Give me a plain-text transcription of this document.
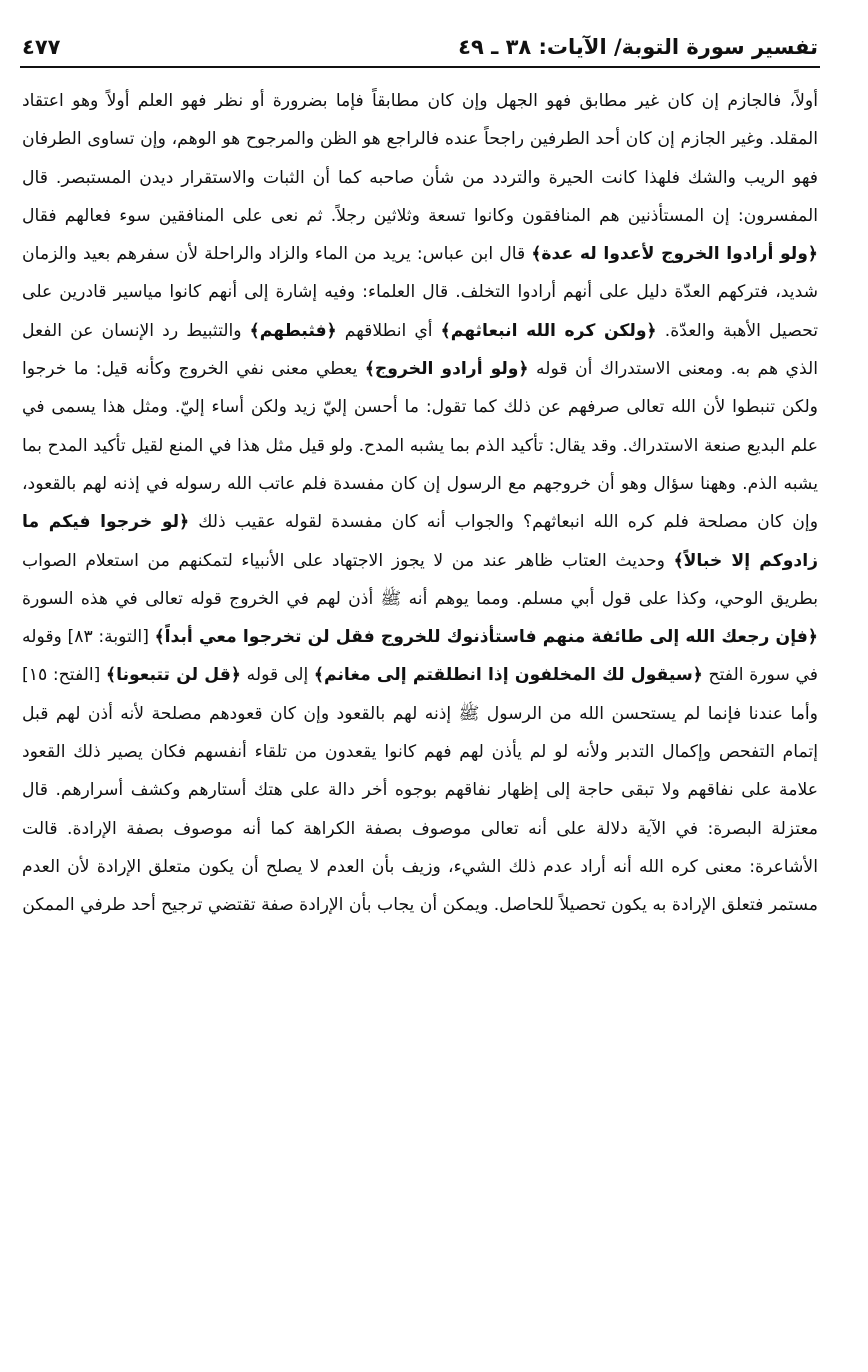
تفسير سورة التوبة/ الآيات: ٣٨ ـ ٤٩
٤٧٧
أولاً، فالجازم إن كان غير مطابق فهو الجهل وإن كان مطابقاً فإما بضرورة أو نظر فهو العلم أولاً وهو اعتقاد المقلد. وغير الجازم إن كان أحد الطرفين راجحاً عنده فالراجع هو الظن والمرجوح هو الوهم، وإن تساوى الطرفان فهو الريب والشك فلهذا كانت الحيرة والتردد من شأن صاحبه كما أن الثبات والاستقرار ديدن المستبصر. قال المفسرون: إن المستأذنين هم المنافقون وكانوا تسعة وثلاثين رجلاً. ثم نعى على المنافقين سوء فعالهم فقال ﴿ولو أرادوا الخروج لأعدوا له عدة﴾ قال ابن عباس: يريد من الماء والزاد والراحلة لأن سفرهم بعيد والزمان شديد، فتركهم العدّة دليل على أنهم أرادوا التخلف. قال العلماء: وفيه إشارة إلى أنهم كانوا مياسير قادرين على تحصيل الأهبة والعدّة. ﴿ولكن كره الله انبعاثهم﴾ أي انطلاقهم ﴿فثبطهم﴾ والتثبيط رد الإنسان عن الفعل الذي هم به. ومعنى الاستدراك أن قوله ﴿ولو أرادو الخروج﴾ يعطي معنى نفي الخروج وكأنه قيل: ما خرجوا ولكن تنبطوا لأن الله تعالى صرفهم عن ذلك كما تقول: ما أحسن إليّ زيد ولكن أساء إليّ. ومثل هذا يسمى في علم البديع صنعة الاستدراك. وقد يقال: تأكيد الذم بما يشبه المدح. ولو قيل مثل هذا في المنع لقيل تأكيد المدح بما يشبه الذم. وههنا سؤال وهو أن خروجهم مع الرسول إن كان مفسدة فلم عاتب الله رسوله في إذنه لهم بالقعود، وإن كان مصلحة فلم كره الله انبعاثهم؟ والجواب أنه كان مفسدة لقوله عقيب ذلك ﴿لو خرجوا فيكم ما زادوكم إلا خبالاً﴾ وحديث العتاب ظاهر عند من لا يجوز الاجتهاد على الأنبياء لتمكنهم من استعلام الصواب بطريق الوحي، وكذا على قول أبي مسلم. ومما يوهم أنه ﷺ أذن لهم في الخروج قوله تعالى في هذه السورة ﴿فإن رجعك الله إلى طائفة منهم فاستأذنوك للخروج فقل لن تخرجوا معي أبداً﴾ [التوبة: ٨٣] وقوله في سورة الفتح ﴿سيقول لك المخلفون إذا انطلقتم إلى مغانم﴾ إلى قوله ﴿قل لن تتبعونا﴾ [الفتح: ١٥] وأما عندنا فإنما لم يستحسن الله من الرسول ﷺ إذنه لهم بالقعود وإن كان قعودهم مصلحة لأنه أذن لهم قبل إتمام التفحص وإكمال التدبر ولأنه لو لم يأذن لهم فهم كانوا يقعدون من تلقاء أنفسهم فكان يصير ذلك القعود علامة على نفاقهم ولا تبقى حاجة إلى إظهار نفاقهم بوجوه أخر دالة على هتك أستارهم وكشف أسرارهم. قال معتزلة البصرة: في الآية دلالة على أنه تعالى موصوف بصفة الكراهة كما أنه موصوف بصفة الإرادة. قالت الأشاعرة: معنى كره الله أنه أراد عدم ذلك الشيء، وزيف بأن العدم لا يصلح أن يكون متعلق الإرادة لأن العدم مستمر فتعلق الإرادة به يكون تحصيلاً للحاصل. ويمكن أن يجاب بأن الإرادة صفة تقتضي ترجيح أحد طرفي الممكن
